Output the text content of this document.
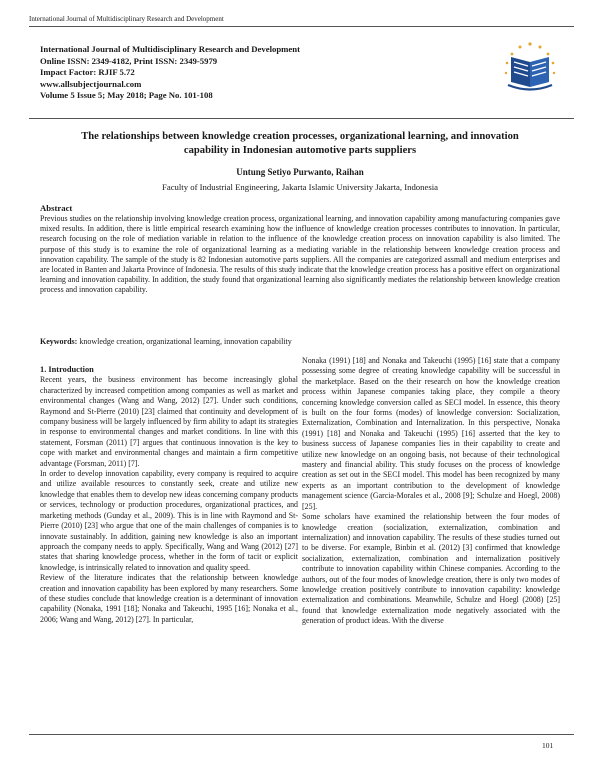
International Journal of Multidisciplinary Research and Development
International Journal of Multidisciplinary Research and Development
Online ISSN: 2349-4182, Print ISSN: 2349-5979
Impact Factor: RJIF 5.72
www.allsubjectjournal.com
Volume 5 Issue 5; May 2018; Page No. 101-108
The relationships between knowledge creation processes, organizational learning, and innovation capability in Indonesian automotive parts suppliers
Untung Setiyo Purwanto, Raihan
Faculty of Industrial Engineering, Jakarta Islamic University Jakarta, Indonesia
Abstract
Previous studies on the relationship involving knowledge creation process, organizational learning, and innovation capability among manufacturing companies gave mixed results. In addition, there is little empirical research examining how the influence of knowledge creation processes contributes to innovation. In particular, research focusing on the role of mediation variable in relation to the influence of the knowledge creation process on innovation capability is also limited. The purpose of this study is to examine the role of organizational learning as a mediating variable in the relationship between knowledge creation process and innovation capability. The sample of the study is 82 Indonesian automotive parts suppliers. All the companies are categorized assmall and medium enterprises and are located in Banten and Jakarta Province of Indonesia. The results of this study indicate that the knowledge creation process has a positive effect on organizational learning and innovation capability. In addition, the study found that organizational learning also significantly mediates the relationship between knowledge creation process and innovation capability.
Keywords: knowledge creation, organizational learning, innovation capability
1. Introduction

Recent years, the business environment has become increasingly global characterized by increased competition among companies as well as market and environmental changes (Wang and Wang, 2012) [27]. Under such conditions, Raymond and St-Pierre (2010) [23] claimed that continuity and development of company business will be largely influenced by firm ability to adapt its strategies in response to environmental changes and market conditions. In line with this statement, Forsman (2011) [7] argues that continuous innovation is the key to cope with market and environmental changes and maintain a firm competitive advantage (Forsman, 2011) [7].

In order to develop innovation capability, every company is required to acquire and utilize available resources to constantly seek, create and utilize new knowledge that enables them to develop new ideas concerning company products or services, technology or production procedures, organizational practices, and marketing methods (Gunday et al., 2009). This is in line with Raymond and St-Pierre (2010) [23] who argue that one of the main challenges of companies is to innovate sustainably. In addition, gaining new knowledge is also an important approach the company needs to apply. Specifically, Wang and Wang (2012) [27] states that sharing knowledge process, whether in the form of tacit or explicit knowledge, is intrinsically related to innovation and quality speed.

Review of the literature indicates that the relationship between knowledge creation and innovation capability has been explored by many researchers. Some of these studies conclude that knowledge creation is a determinant of innovation capability (Nonaka, 1991 [18]; Nonaka and Takeuchi, 1995 [16]; Nonaka et al., 2006; Wang and Wang, 2012) [27]. In particular,

Nonaka (1991) [18] and Nonaka and Takeuchi (1995) [16] state that a company possessing some degree of creating knowledge capability will be successful in the marketplace. Based on the their research on how the knowledge creation process within Japanese companies taking place, they compile a theory concerning knowledge conversion called as SECI model. In essence, this theory is built on the four forms (modes) of knowledge conversion: Socialization, Externalization, Combination and Internalization. In this perspective, Nonaka (1991) [18] and Nonaka and Takeuchi (1995) [16] asserted that the key to business success of Japanese companies lies in their capability to create and utilize new knowledge on an ongoing basis, not because of their technological mastery and financial ability. This study focuses on the process of knowledge creation as set out in the SECI model. This model has been recognized by many experts as an important contribution to the development of knowledge management science (Garcia-Morales et al., 2008 [9]; Schulze and Hoegl, 2008) [25].

Some scholars have examined the relationship between the four modes of knowledge creation (socialization, externalization, combination and internalization) and innovation capability. The results of these studies turned out to be diverse. For example, Binbin et al. (2012) [3] confirmed that knowledge socialization, externalization, combination and internalization positively contribute to innovation capability within Chinese companies. According to the authors, out of the four modes of knowledge creation, there is only two modes of knowledge creation positively contribute to innovation capability: knowledge externalization and combinations. Meanwhile, Schulze and Hoegl (2008) [25] found that knowledge externalization mode negatively associated with the generation of product ideas. With the diverse

101
